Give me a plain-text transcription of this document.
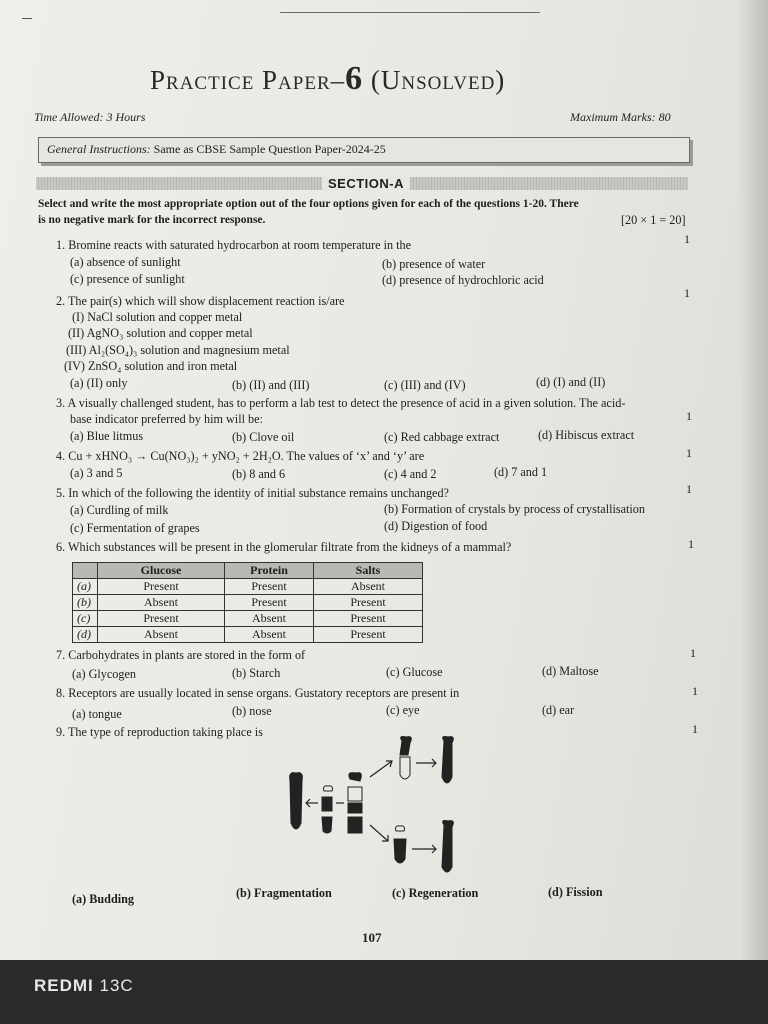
Practice Paper–6 (Unsolved)
Time Allowed: 3 Hours	Maximum Marks: 80
General Instructions: Same as CBSE Sample Question Paper-2024-25
SECTION-A
Select and write the most appropriate option out of the four options given for each of the questions 1-20. There
is no negative mark for the incorrect response.	[20 × 1 = 20]
1. Bromine reacts with saturated hydrocarbon at room temperature in the	1
(a) absence of sunlight	(b) presence of water
(c) presence of sunlight	(d) presence of hydrochloric acid
2. The pair(s) which will show displacement reaction is/are
1
(I) NaCl solution and copper metal
(II) AgNO₃ solution and copper metal
(III) Al₂(SO₄)₃ solution and magnesium metal
(IV) ZnSO₄ solution and iron metal
(a) (II) only	(b) (II) and (III)	(c) (III) and (IV)	(d) (I) and (II)
3. A visually challenged student, has to perform a lab test to detect the presence of acid in a given solution. The acid-
base indicator preferred by him will be:	1
(a) Blue litmus	(b) Clove oil	(c) Red cabbage extract	(d) Hibiscus extract
4. Cu + xHNO₃ → Cu(NO₃)₂ + yNO₂ + 2H₂O. The values of ‘x’ and ‘y’ are	1
(a) 3 and 5	(b) 8 and 6	(c) 4 and 2	(d) 7 and 1
5. In which of the following the identity of initial substance remains unchanged?	1
(a) Curdling of milk	(b) Formation of crystals by process of crystallisation
(c) Fermentation of grapes	(d) Digestion of food
6. Which substances will be present in the glomerular filtrate from the kidneys of a mammal?	1
	Glucose	Protein	Salts
(a)	Present	Present	Absent
(b)	Absent	Present	Present
(c)	Present	Absent	Present
(d)	Absent	Absent	Present
7. Carbohydrates in plants are stored in the form of	1
(a) Glycogen	(b) Starch	(c) Glucose	(d) Maltose
8. Receptors are usually located in sense organs. Gustatory receptors are present in	1
(a) tongue	(b) nose	(c) eye	(d) ear
9. The type of reproduction taking place is	1
(a) Budding	(b) Fragmentation	(c) Regeneration	(d) Fission
107
REDMI 13C
